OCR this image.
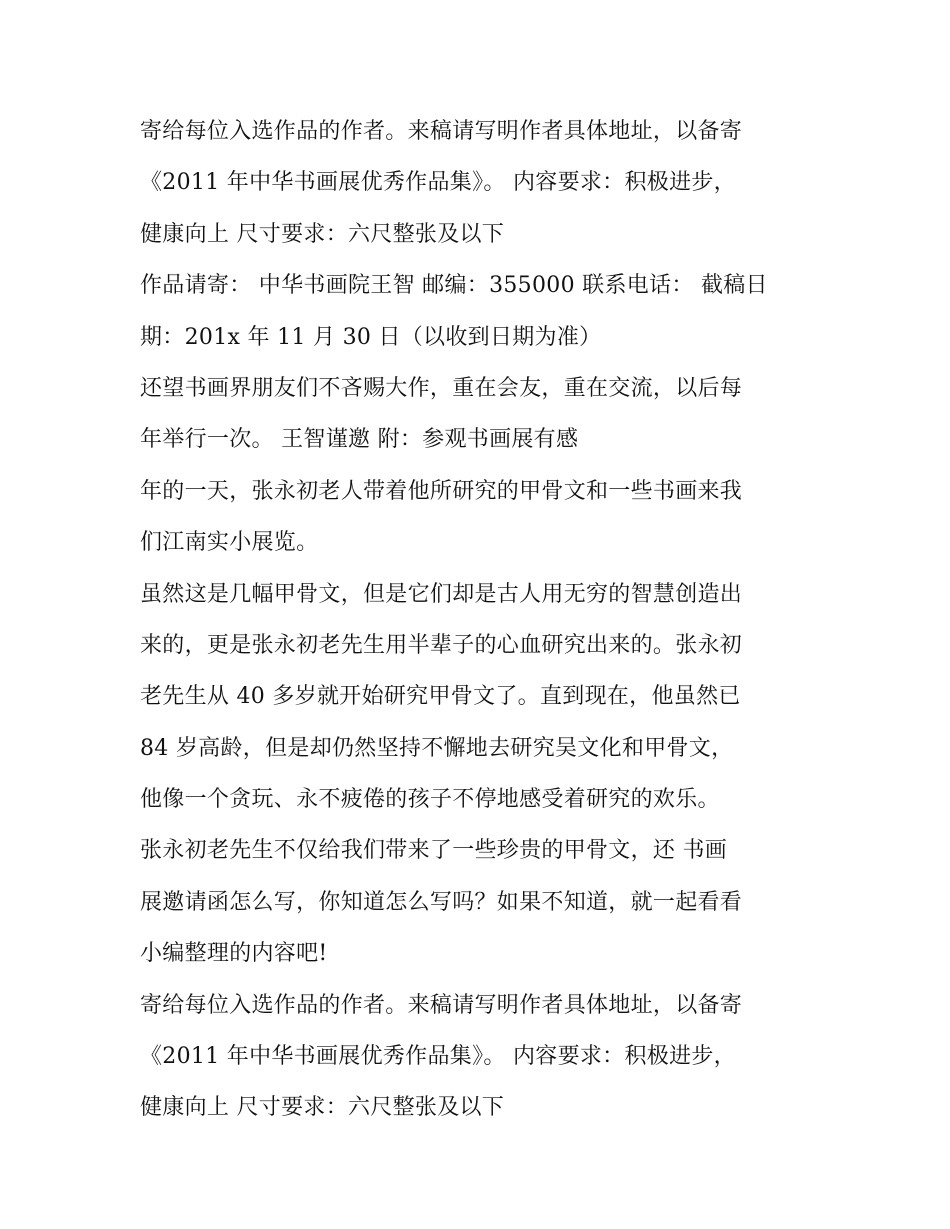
寄给每位入选作品的作者。来稿请写明作者具体地址，以备寄
《2011 年中华书画展优秀作品集》。 内容要求：积极进步，
健康向上 尺寸要求：六尺整张及以下
作品请寄： 中华书画院王智 邮编：355000 联系电话： 截稿日
期：201x 年 11 月 30 日（以收到日期为准）
还望书画界朋友们不吝赐大作，重在会友，重在交流，以后每
年举行一次。 王智谨邀 附：参观书画展有感
年的一天，张永初老人带着他所研究的甲骨文和一些书画来我
们江南实小展览。
虽然这是几幅甲骨文，但是它们却是古人用无穷的智慧创造出
来的，更是张永初老先生用半辈子的心血研究出来的。张永初
老先生从 40 多岁就开始研究甲骨文了。直到现在，他虽然已
84 岁高龄，但是却仍然坚持不懈地去研究吴文化和甲骨文，
他像一个贪玩、永不疲倦的孩子不停地感受着研究的欢乐。
张永初老先生不仅给我们带来了一些珍贵的甲骨文，还 书画
展邀请函怎么写，你知道怎么写吗？如果不知道，就一起看看
小编整理的内容吧!
寄给每位入选作品的作者。来稿请写明作者具体地址，以备寄
《2011 年中华书画展优秀作品集》。 内容要求：积极进步，
健康向上 尺寸要求：六尺整张及以下
